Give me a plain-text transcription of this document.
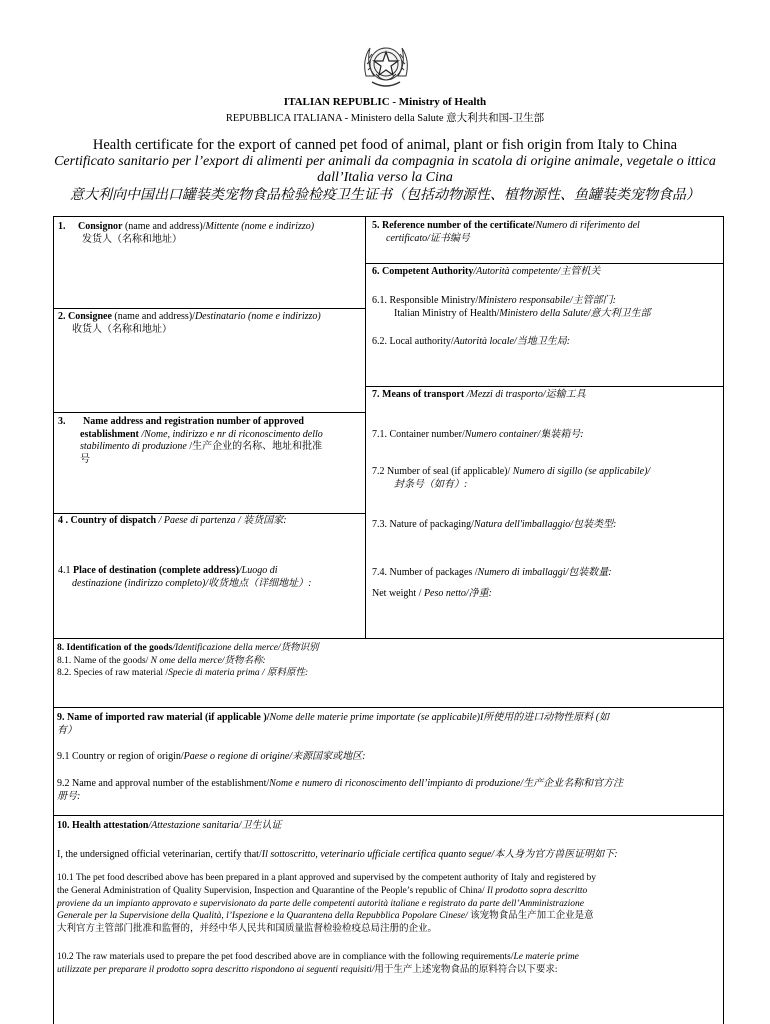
ITALIAN REPUBLIC - Ministry of Health
REPUBBLICA ITALIANA - Ministero della Salute 意大利共和国-卫生部
Health certificate for the export of canned pet food of animal, plant or fish origin from Italy to China
Certificato sanitario per l’export di alimenti per animali da compagnia in scatola di origine animale, vegetale o ittica
dall’Italia verso la Cina
意大利向中国出口罐装类宠物食品检验检疫卫生证书（包括动物源性、植物源性、鱼罐装类宠物食品）
1. Consignor (name and address)/Mittente (nome e indirizzo)
发货人（名称和地址）
2. Consignee (name and address)/Destinatario (nome e indirizzo)
收货人（名称和地址）
3. Name address and registration number of approved
establishment /Nome, indirizzo e nr di riconoscimento dello
stabilimento di produzione /生产企业的名称、地址和批准
号
4 . Country of dispatch / Paese di partenza / 装货国家:
4.1 Place of destination (complete address)/Luogo di
destinazione (indirizzo completo)/收货地点（详细地址）:
5. Reference number of the certificate/Numero di riferimento del
certificato/证书编号
6. Competent Authority/Autorità competente/主管机关
6.1. Responsible Ministry/Ministero responsabile/主管部门:
Italian Ministry of Health/Ministero della Salute/意大利卫生部
6.2. Local authority/Autorità locale/当地卫生局:
7. Means of transport /Mezzi di trasporto/运输工具
7.1. Container number/Numero container/集装箱号:
7.2 Number of seal (if applicable)/ Numero di sigillo (se applicabile)/
封条号（如有）:
7.3. Nature of packaging/Natura dell'imballaggio/包装类型:
7.4. Number of packages /Numero di imballaggi/包装数量:
Net weight / Peso netto/净重:
8. Identification of the goods/Identificazione della merce/货物识别
8.1. Name of the goods/ N ome della merce/货物名称:
8.2. Species of raw material /Specie di materia prima / 原料原性:
9. Name of imported raw material (if applicable )/Nome delle materie prime importate (se applicabile)I所使用的进口动物性原料 (如
有）
9.1 Country or region of origin/Paese o regione di origine/来源国家或地区:
9.2 Name and approval number of the establishment/Nome e numero di riconoscimento dell’impianto di produzione/生产企业名称和官方注
册号:
10. Health attestation/Attestazione sanitaria/卫生认证
I, the undersigned official veterinarian, certify that/Il sottoscritto, veterinario ufficiale certifica quanto segue/本人身为官方兽医证明如下:
10.1 The pet food described above has been prepared in a plant approved and supervised by the competent authority of Italy and registered by
the General Administration of Quality Supervision, Inspection and Quarantine of the People’s republic of China/ Il prodotto sopra descritto
proviene da un impianto approvato e supervisionato da parte delle competenti autorità italiane e registrato da parte dell’Amministrazione
Generale per la Supervisione della Qualità, l’Ispezione e la Quarantena della Repubblica Popolare Cinese/ 该宠物食品生产加工企业是意
大利官方主管部门批准和监督的，并经中华人民共和国质量监督检验检疫总局注册的企业。
10.2 The raw materials used to prepare the pet food described above are in compliance with the following requirements/Le materie prime
utilizzate per preparare il prodotto sopra descritto rispondono ai seguenti requisiti/用于生产上述宠物食品的原料符合以下要求:
